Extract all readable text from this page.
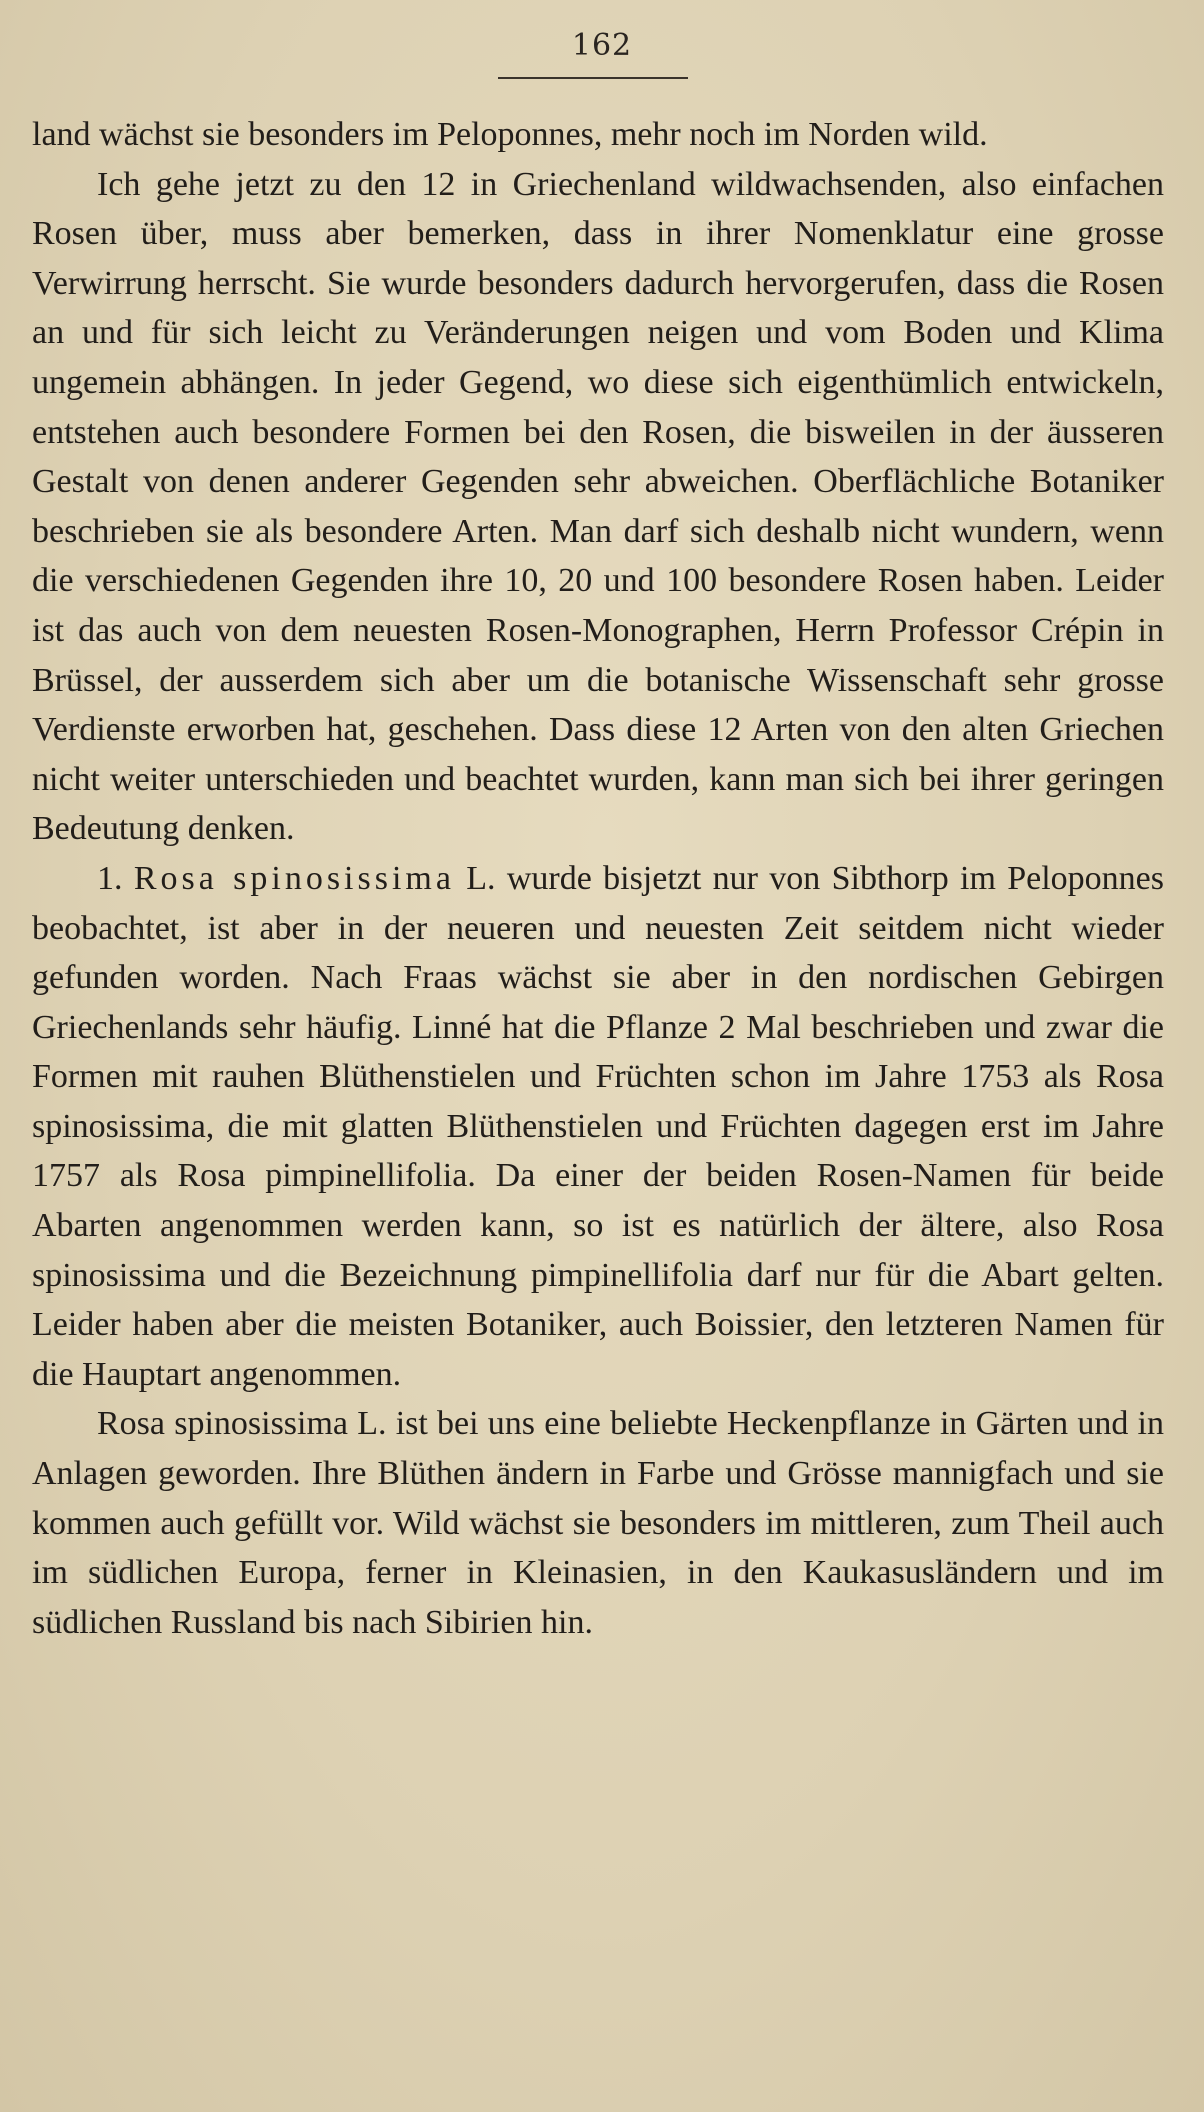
162

land wächst sie besonders im Peloponnes, mehr noch im Norden wild.

Ich gehe jetzt zu den 12 in Griechenland wildwachsenden, also einfachen Rosen über, muss aber bemerken, dass in ihrer Nomenklatur eine grosse Verwirrung herrscht. Sie wurde besonders dadurch hervorgerufen, dass die Rosen an und für sich leicht zu Veränderungen neigen und vom Boden und Klima ungemein abhängen. In jeder Gegend, wo diese sich eigenthümlich entwickeln, entstehen auch besondere Formen bei den Rosen, die bisweilen in der äusseren Gestalt von denen anderer Gegenden sehr abweichen. Oberflächliche Botaniker beschrieben sie als besondere Arten. Man darf sich deshalb nicht wundern, wenn die verschiedenen Gegenden ihre 10, 20 und 100 besondere Rosen haben. Leider ist das auch von dem neuesten Rosen-Monographen, Herrn Professor Crépin in Brüssel, der ausserdem sich aber um die botanische Wissenschaft sehr grosse Verdienste erworben hat, geschehen. Dass diese 12 Arten von den alten Griechen nicht weiter unterschieden und beachtet wurden, kann man sich bei ihrer geringen Bedeutung denken.

1. Rosa spinosissima L. wurde bisjetzt nur von Sibthorp im Peloponnes beobachtet, ist aber in der neueren und neuesten Zeit seitdem nicht wieder gefunden worden. Nach Fraas wächst sie aber in den nordischen Gebirgen Griechenlands sehr häufig. Linné hat die Pflanze 2 Mal beschrieben und zwar die Formen mit rauhen Blüthenstielen und Früchten schon im Jahre 1753 als Rosa spinosissima, die mit glatten Blüthenstielen und Früchten dagegen erst im Jahre 1757 als Rosa pimpinellifolia. Da einer der beiden Rosen-Namen für beide Abarten angenommen werden kann, so ist es natürlich der ältere, also Rosa spinosissima und die Bezeichnung pimpinellifolia darf nur für die Abart gelten. Leider haben aber die meisten Botaniker, auch Boissier, den letzteren Namen für die Hauptart angenommen.

Rosa spinosissima L. ist bei uns eine beliebte Heckenpflanze in Gärten und in Anlagen geworden. Ihre Blüthen ändern in Farbe und Grösse mannigfach und sie kommen auch gefüllt vor. Wild wächst sie besonders im mittleren, zum Theil auch im südlichen Europa, ferner in Kleinasien, in den Kaukasusländern und im südlichen Russland bis nach Sibirien hin.
